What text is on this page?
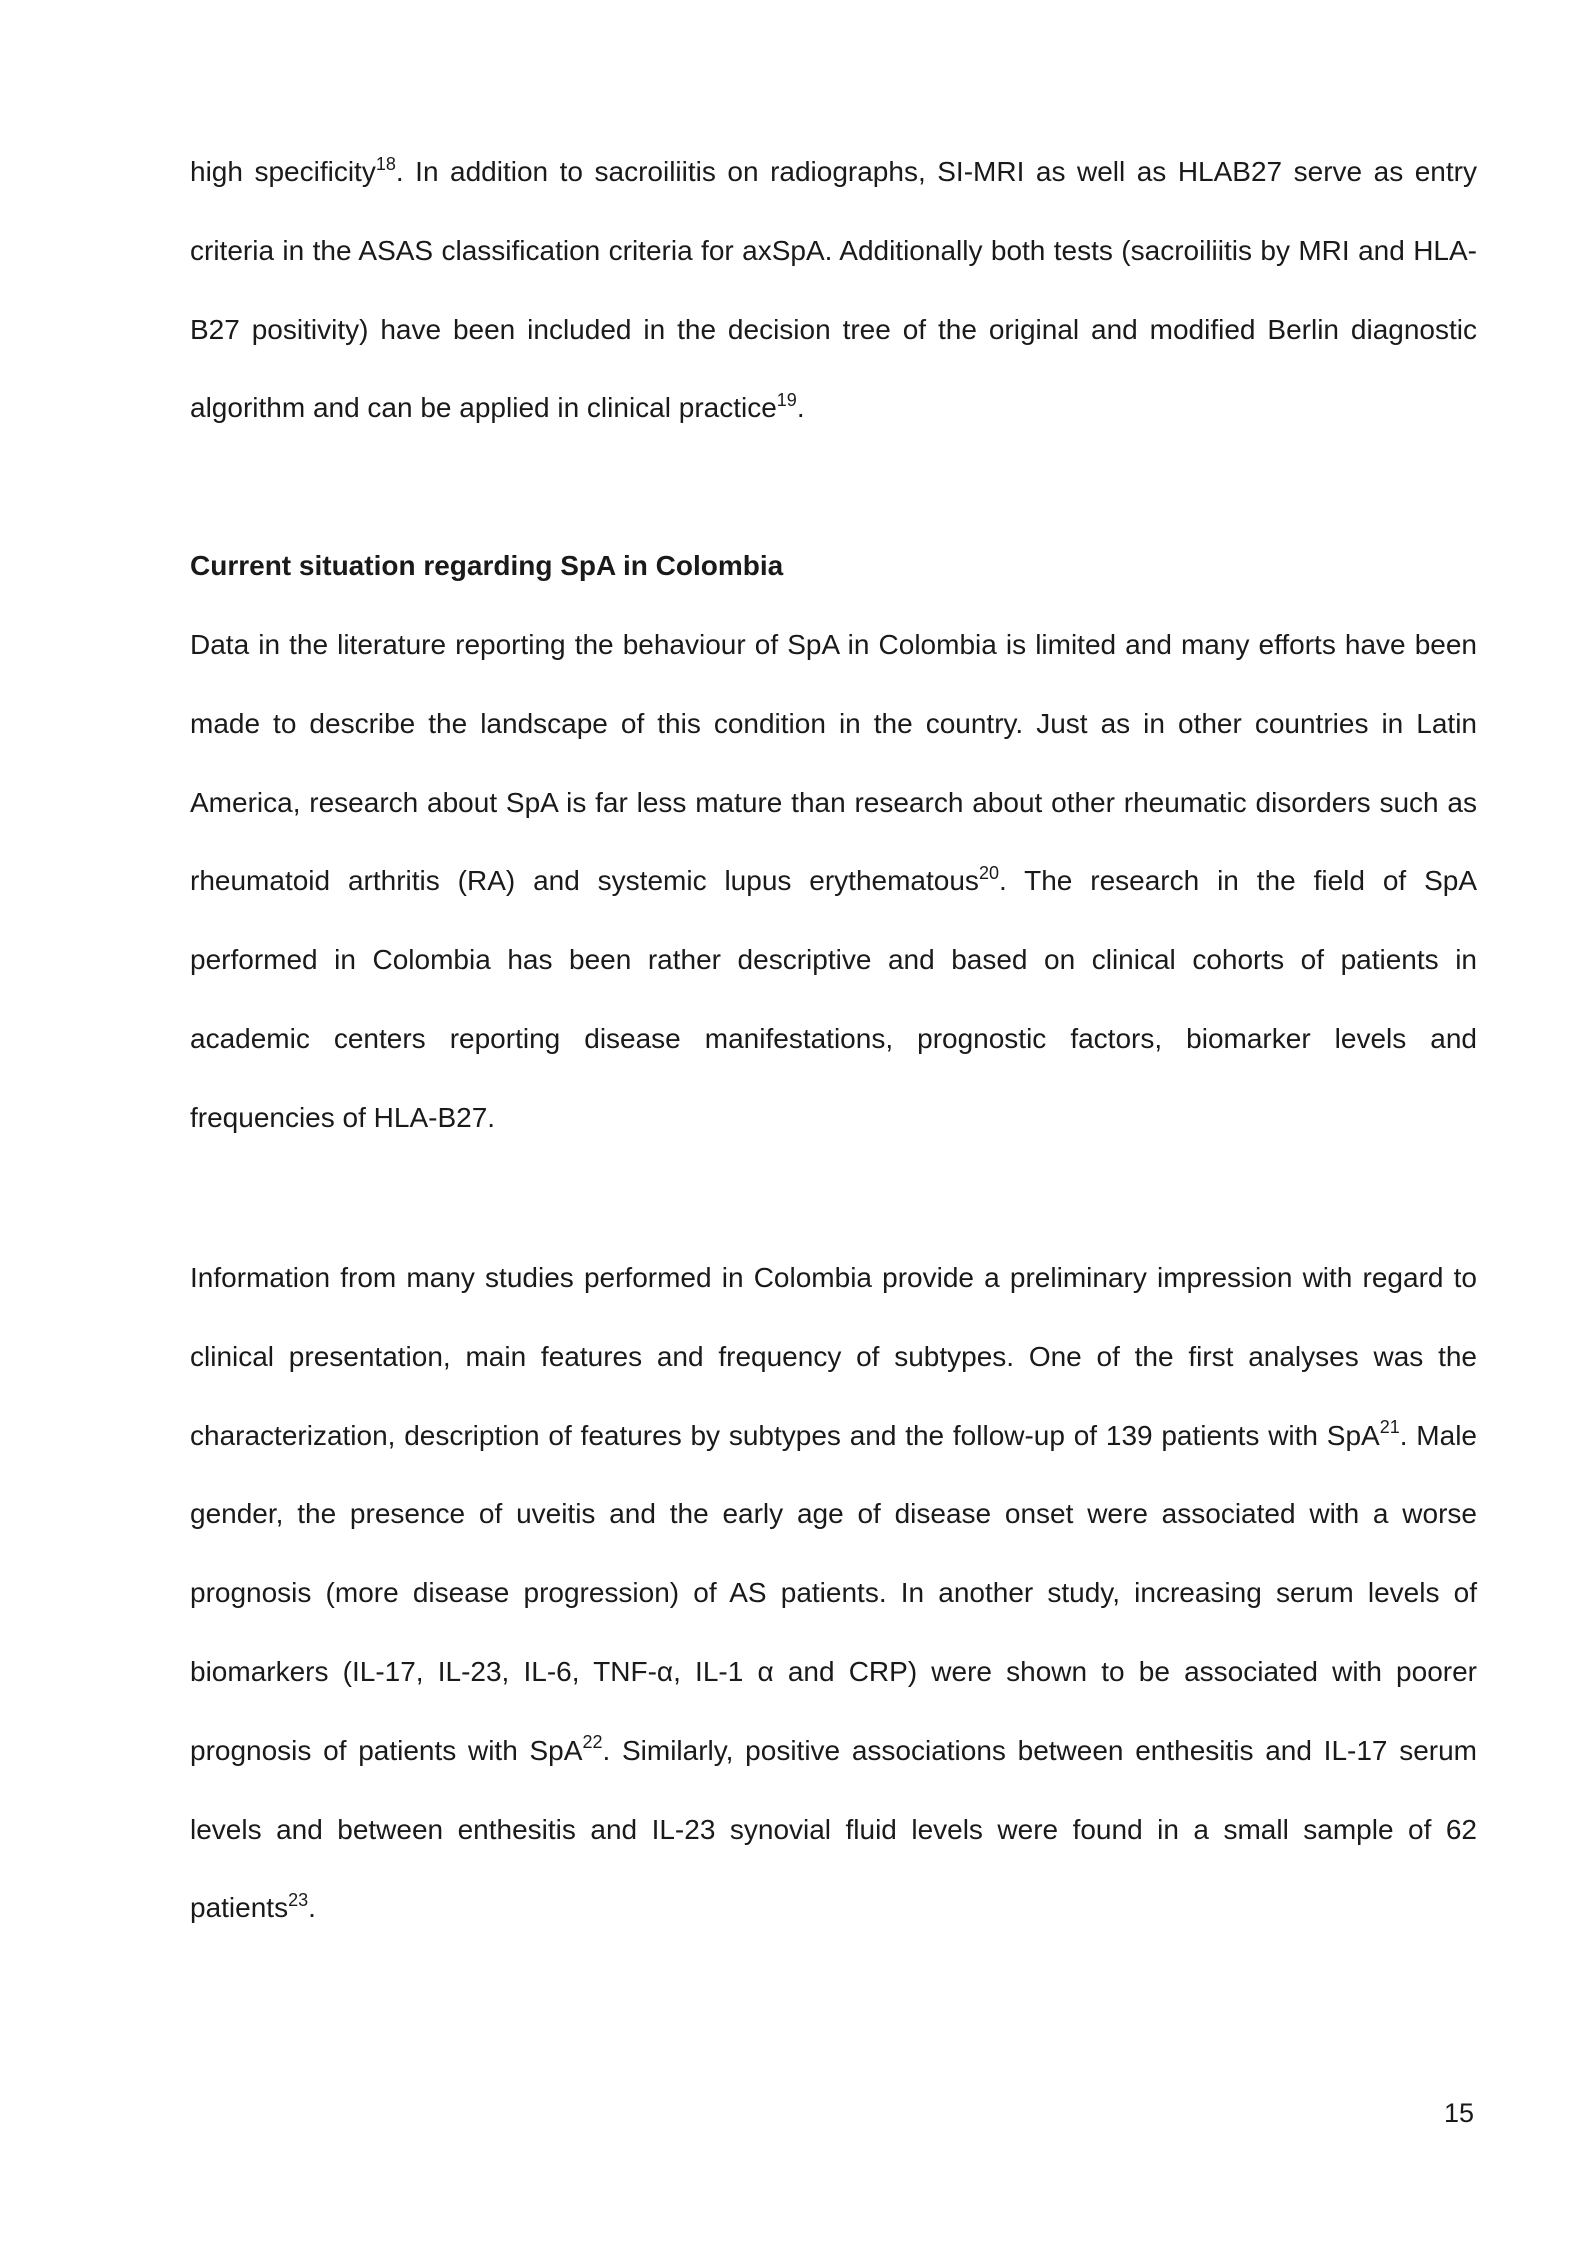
high specificity$^{18}$. In addition to sacroiliitis on radiographs, SI-MRI as well as HLAB27 serve as entry criteria in the ASAS classification criteria for axSpA. Additionally both tests (sacroiliitis by MRI and HLA-B27 positivity) have been included in the decision tree of the original and modified Berlin diagnostic algorithm and can be applied in clinical practice$^{19}$.

Current situation regarding SpA in Colombia

Data in the literature reporting the behaviour of SpA in Colombia is limited and many efforts have been made to describe the landscape of this condition in the country. Just as in other countries in Latin America, research about SpA is far less mature than research about other rheumatic disorders such as rheumatoid arthritis (RA) and systemic lupus erythematous$^{20}$. The research in the field of SpA performed in Colombia has been rather descriptive and based on clinical cohorts of patients in academic centers reporting disease manifestations, prognostic factors, biomarker levels and frequencies of HLA-B27.

Information from many studies performed in Colombia provide a preliminary impression with regard to clinical presentation, main features and frequency of subtypes. One of the first analyses was the characterization, description of features by subtypes and the follow-up of 139 patients with SpA$^{21}$. Male gender, the presence of uveitis and the early age of disease onset were associated with a worse prognosis (more disease progression) of AS patients. In another study, increasing serum levels of biomarkers (IL-17, IL-23, IL-6, TNF-α, IL-1 α and CRP) were shown to be associated with poorer prognosis of patients with SpA$^{22}$. Similarly, positive associations between enthesitis and IL-17 serum levels and between enthesitis and IL-23 synovial fluid levels were found in a small sample of 62 patients$^{23}$.

15
